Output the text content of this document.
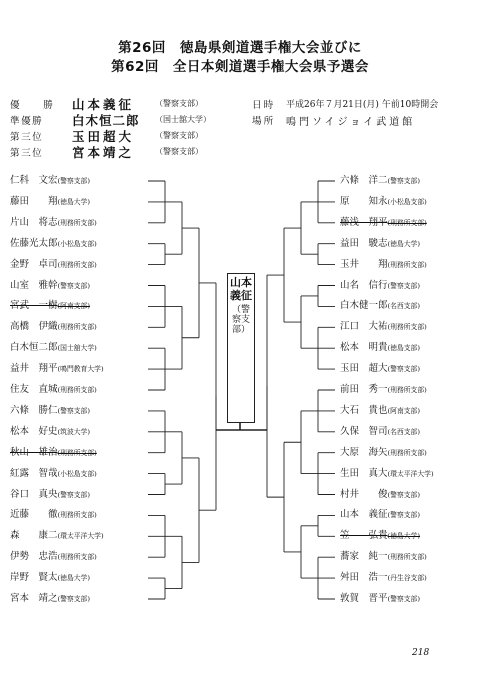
第26回　徳島県剣道選手権大会並びに
第62回　全日本剣道選手権大会県予選会
優　　勝 山本義征	（警察支部）
準優勝 白木恒二郎 （国士舘大学）
第三位 玉田超大	（警察支部）
第三位 宮本靖之	（警察支部）
日時 平成26年７月21日(月) 午前10時開会
場所 鳴門ソイジョイ武道館
仁科　文宏(警察支部)
藤田　　翔(徳島大学)
片山　将志(刑務所支部)
佐藤光太郎(小松島支部)
金野　卓司(刑務所支部)
山室　雅幹(警察支部)
宮武　一樹(阿南支部)
高橋　伊織(刑務所支部)
白木恒二郎(国士舘大学)
益井　翔平(鳴門教育大学)
住友　直城(刑務所支部)
六條　勝仁(警察支部)
松本　好史(筑波大学)
秋山　雄治(刑務所支部)
紅露　智哉(小松島支部)
谷口　真央(警察支部)
近藤　　徹(刑務所支部)
森　　康二(環太平洋大学)
伊勢　忠浩(刑務所支部)
岸野　賢太(徳島大学)
宮本　靖之(警察支部)
六條　洋二(警察支部)
原　　知永(小松島支部)
藤浅　翔平(刑務所支部)
益田　駿志(徳島大学)
玉井　　翔(刑務所支部)
山名　信行(警察支部)
白木健一郎(名西支部)
江口　大祐(刑務所支部)
松本　明貴(徳島支部)
玉田　超大(警察支部)
前田　秀一(刑務所支部)
大石　貴也(阿南支部)
久保　智司(名西支部)
大原　海矢(刑務所支部)
生田　真大(環太平洋大学)
村井　　俊(警察支部)
山本　義征(警察支部)
笠　　弘貴(徳島大学)
蕎家　純一(刑務所支部)
舛田　浩一(丹生谷支部)
敦賀　晋平(警察支部)
山本義征
（警察支部）
218
